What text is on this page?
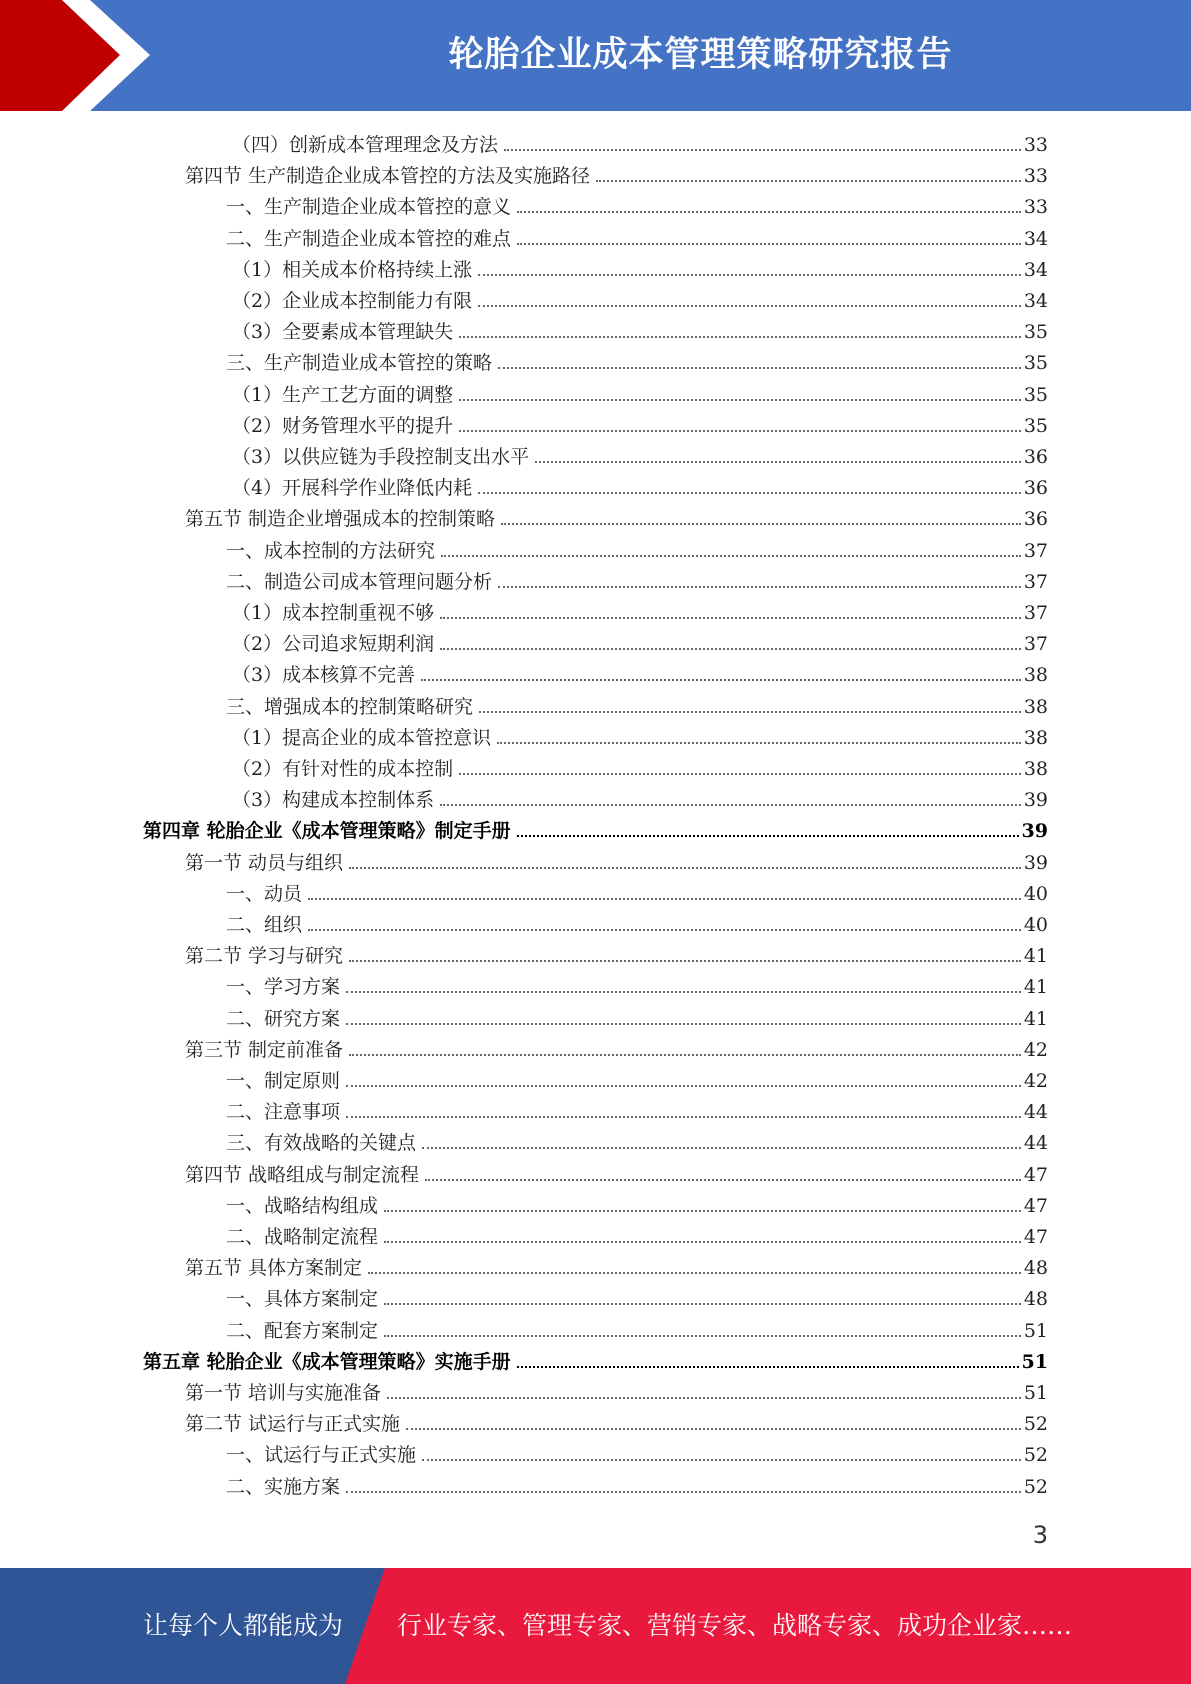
轮胎企业成本管理策略研究报告
（四）创新成本管理理念及方法	33
第四节 生产制造企业成本管控的方法及实施路径	33
一、生产制造企业成本管控的意义	33
二、生产制造企业成本管控的难点	34
（1）相关成本价格持续上涨	34
（2）企业成本控制能力有限	34
（3）全要素成本管理缺失	35
三、生产制造业成本管控的策略	35
（1）生产工艺方面的调整	35
（2）财务管理水平的提升	35
（3）以供应链为手段控制支出水平	36
（4）开展科学作业降低内耗	36
第五节 制造企业增强成本的控制策略	36
一、成本控制的方法研究	37
二、制造公司成本管理问题分析	37
（1）成本控制重视不够	37
（2）公司追求短期利润	37
（3）成本核算不完善	38
三、增强成本的控制策略研究	38
（1）提高企业的成本管控意识	38
（2）有针对性的成本控制	38
（3）构建成本控制体系	39
第四章 轮胎企业《成本管理策略》制定手册	39
第一节 动员与组织	39
一、动员	40
二、组织	40
第二节 学习与研究	41
一、学习方案	41
二、研究方案	41
第三节 制定前准备	42
一、制定原则	42
二、注意事项	44
三、有效战略的关键点	44
第四节 战略组成与制定流程	47
一、战略结构组成	47
二、战略制定流程	47
第五节 具体方案制定	48
一、具体方案制定	48
二、配套方案制定	51
第五章 轮胎企业《成本管理策略》实施手册	51
第一节 培训与实施准备	51
第二节 试运行与正式实施	52
一、试运行与正式实施	52
二、实施方案	52
3
让每个人都能成为 行业专家、管理专家、营销专家、战略专家、成功企业家……
